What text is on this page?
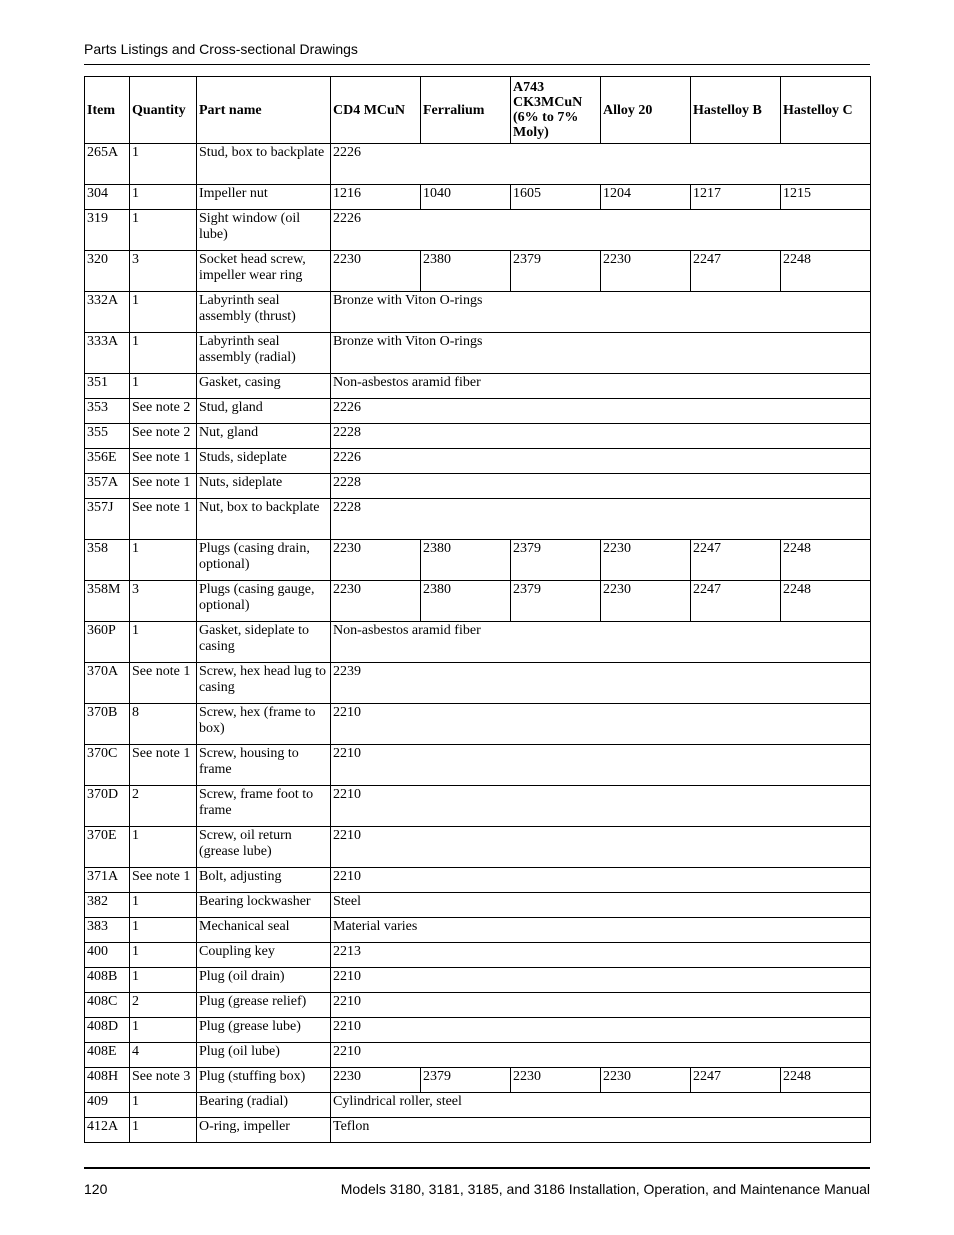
Parts Listings and Cross-sectional Drawings
Item	Quantity	Part name	CD4 MCuN	Ferralium	A743 CK3MCuN (6% to 7% Moly)	Alloy 20	Hastelloy B	Hastelloy C
265A	1	Stud, box to backplate	2226					
304	1	Impeller nut	1216	1040	1605	1204	1217	1215
319	1	Sight window (oil lube)	2226					
320	3	Socket head screw, impeller wear ring	2230	2380	2379	2230	2247	2248
332A	1	Labyrinth seal assembly (thrust)	Bronze with Viton O-rings					
333A	1	Labyrinth seal assembly (radial)	Bronze with Viton O-rings					
351	1	Gasket, casing	Non-asbestos aramid fiber					
353	See note 2	Stud, gland	2226					
355	See note 2	Nut, gland	2228					
356E	See note 1	Studs, sideplate	2226					
357A	See note 1	Nuts, sideplate	2228					
357J	See note 1	Nut, box to backplate	2228					
358	1	Plugs (casing drain, optional)	2230	2380	2379	2230	2247	2248
358M	3	Plugs (casing gauge, optional)	2230	2380	2379	2230	2247	2248
360P	1	Gasket, sideplate to casing	Non-asbestos aramid fiber					
370A	See note 1	Screw, hex head lug to casing	2239					
370B	8	Screw, hex (frame to box)	2210					
370C	See note 1	Screw, housing to frame	2210					
370D	2	Screw, frame foot to frame	2210					
370E	1	Screw, oil return (grease lube)	2210					
371A	See note 1	Bolt, adjusting	2210					
382	1	Bearing lockwasher	Steel					
383	1	Mechanical seal	Material varies					
400	1	Coupling key	2213					
408B	1	Plug (oil drain)	2210					
408C	2	Plug (grease relief)	2210					
408D	1	Plug (grease lube)	2210					
408E	4	Plug (oil lube)	2210					
408H	See note 3	Plug (stuffing box)	2230	2379	2230	2230	2247	2248
409	1	Bearing (radial)	Cylindrical roller, steel					
412A	1	O-ring, impeller	Teflon					
120	Models 3180, 3181, 3185, and 3186 Installation, Operation, and Maintenance Manual
